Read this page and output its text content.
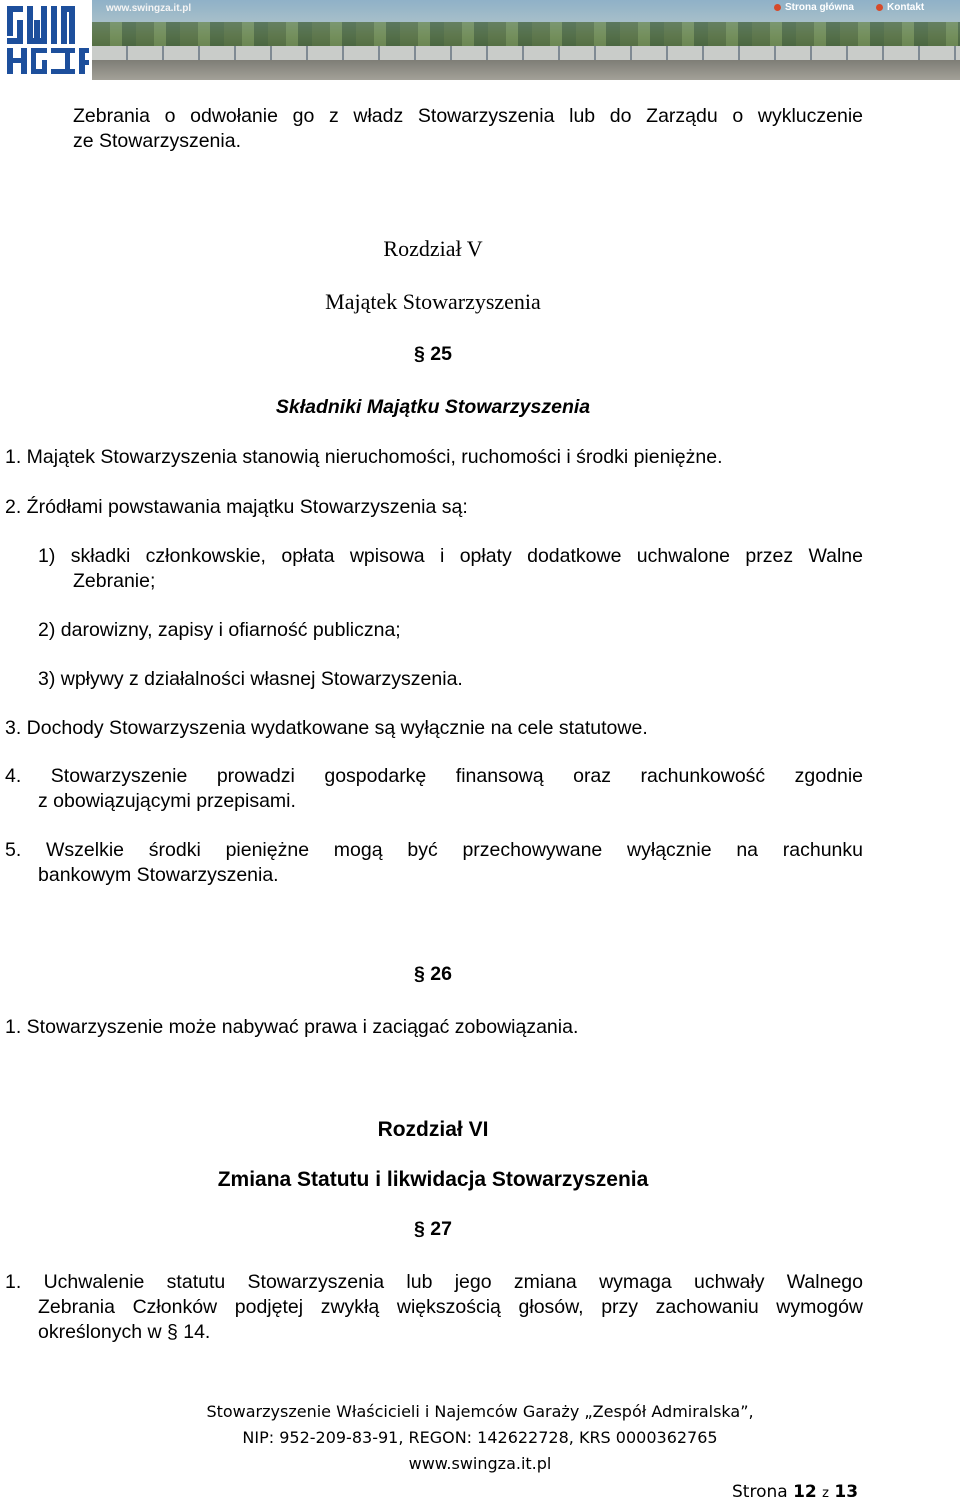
www.swingza.it.pl	Strona główna	Kontakt
Zebrania o odwołanie go z władz Stowarzyszenia lub do Zarządu o wykluczenie
ze Stowarzyszenia.
Rozdział V
Majątek Stowarzyszenia
§ 25
Składniki Majątku Stowarzyszenia
1. Majątek Stowarzyszenia stanowią nieruchomości, ruchomości i środki pieniężne.
2. Źródłami powstawania majątku Stowarzyszenia są:
1) składki członkowskie, opłata wpisowa i opłaty dodatkowe uchwalone przez Walne
Zebranie;
2) darowizny, zapisy i ofiarność publiczna;
3) wpływy z działalności własnej Stowarzyszenia.
3. Dochody Stowarzyszenia wydatkowane są wyłącznie na cele statutowe.
4. Stowarzyszenie prowadzi gospodarkę finansową oraz rachunkowość zgodnie
z obowiązującymi przepisami.
5. Wszelkie środki pieniężne mogą być przechowywane wyłącznie na rachunku
bankowym Stowarzyszenia.
§ 26
1. Stowarzyszenie może nabywać prawa i zaciągać zobowiązania.
Rozdział VI
Zmiana Statutu i likwidacja Stowarzyszenia
§ 27
1. Uchwalenie statutu Stowarzyszenia lub jego zmiana wymaga uchwały Walnego
Zebrania Członków podjętej zwykłą większością głosów, przy zachowaniu wymogów
określonych w § 14.
Stowarzyszenie Właścicieli i Najemców Garaży „Zespół Admiralska”,
NIP: 952-209-83-91, REGON: 142622728, KRS 0000362765
www.swingza.it.pl
Strona 12 z 13
